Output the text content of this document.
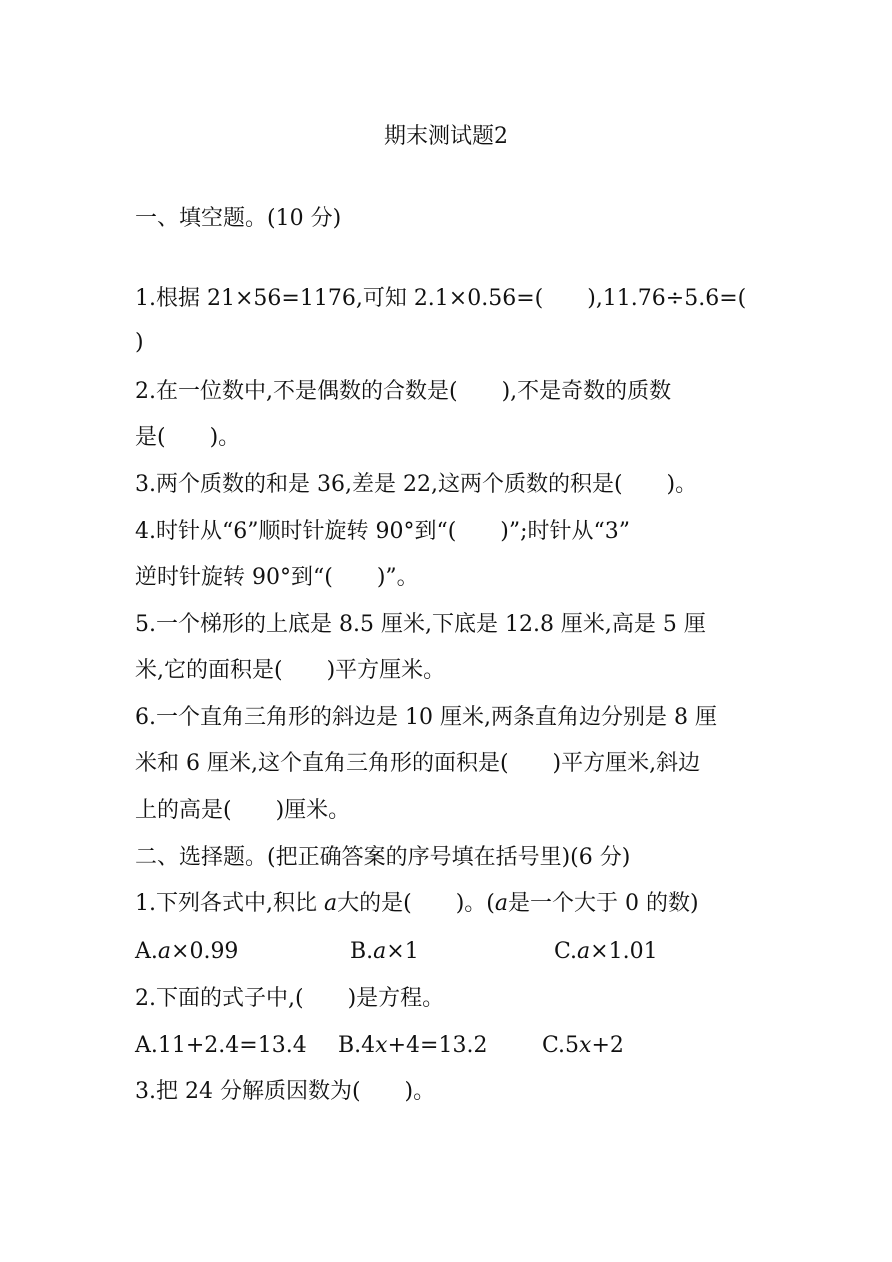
期末测试题2
一、填空题。(10 分)
1.根据 21×56=1176,可知 2.1×0.56=(　　),11.76÷5.6=(
)
2.在一位数中,不是偶数的合数是(　　),不是奇数的质数
是(　　)。
3.两个质数的和是 36,差是 22,这两个质数的积是(　　)。
4.时针从“6”顺时针旋转 90°到“(　　)”;时针从“3”
逆时针旋转 90°到“(　　)”。
5.一个梯形的上底是 8.5 厘米,下底是 12.8 厘米,高是 5 厘
米,它的面积是(　　)平方厘米。
6.一个直角三角形的斜边是 10 厘米,两条直角边分别是 8 厘
米和 6 厘米,这个直角三角形的面积是(　　)平方厘米,斜边
上的高是(　　)厘米。
二、选择题。(把正确答案的序号填在括号里)(6 分)
1.下列各式中,积比 a大的是(　　)。(a是一个大于 0 的数)
A.a×0.99	B.a×1	C.a×1.01
2.下面的式子中,(　　)是方程。
A.11+2.4=13.4 B.4x+4=13.2 C.5x+2
3.把 24 分解质因数为(　　)。
